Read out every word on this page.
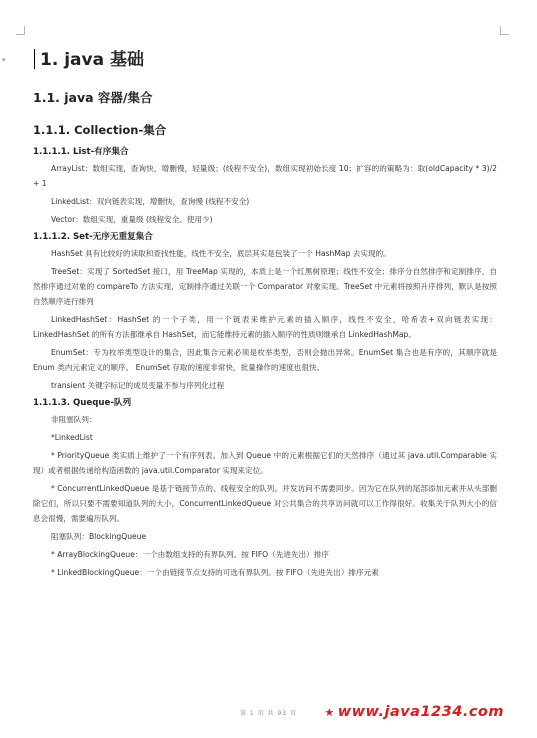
▾	1. java 基础
1.1. java 容器/集合
1.1.1. Collection-集合
1.1.1.1. List-有序集合
ArrayList：数组实现，查询快，增删慢，轻量级；(线程不安全)，数组实现初始长度 10；扩容的的策略为：取(oldCapacity * 3)/2 + 1
LinkedList：双向链表实现，增删快，查询慢 (线程不安全)
Vector：数组实现，重量级 (线程安全、使用少)
1.1.1.2. Set-无序无重复集合
HashSet 具有比较好的读取和查找性能，线性不安全，底层其实是包装了一个 HashMap 去实现的。
TreeSet：实现了 SortedSet 接口，用 TreeMap 实现的，本质上是一个红黑树原理；线性不安全；排序分自然排序和定制排序，自然排序通过对象的 compareTo 方法实现，定制排序通过关联一个 Comparator 对象实现。TreeSet 中元素将按照升序排列，默认是按照自然顺序进行排列
LinkedHashSet：HashSet 的一个子类，用一个链表来维护元素的插入顺序，线性不安全，哈希表+双向链表实现：LinkedHashSet 的所有方法都继承自 HashSet，而它能维持元素的插入顺序的性质则继承自 LinkedHashMap。
EnumSet：专为枚举类型设计的集合，因此集合元素必须是枚举类型，否则会抛出异常。EnumSet 集合也是有序的，其顺序就是 Enum 类内元素定义的顺序。 EnumSet 存取的速度非常快，批量操作的速度也很快。
transient 关键字标记的成员变量不参与序列化过程
1.1.1.3. Queque-队列
非阻塞队列：
*LinkedList
* PriorityQueue 类实质上维护了一个有序列表。加入到 Queue 中的元素根据它们的天然排序（通过其 java.util.Comparable 实现）或者根据传递给构造函数的 java.util.Comparator 实现来定位。
* ConcurrentLinkedQueue 是基于链接节点的、线程安全的队列。并发访问不需要同步。因为它在队列的尾部添加元素并从头部删除它们，所以只要不需要知道队列的大小，ConcurrentLinkedQueue 对公共集合的共享访问就可以工作得很好。收集关于队列大小的信息会很慢，需要遍历队列。
阻塞队列：BlockingQueue
* ArrayBlockingQueue：一个由数组支持的有界队列。按 FIFO（先进先出）排序
* LinkedBlockingQueue：一个由链接节点支持的可选有界队列。按 FIFO（先进先出）排序元素
第 1 页 共 93 页	★ www.java1234.com
